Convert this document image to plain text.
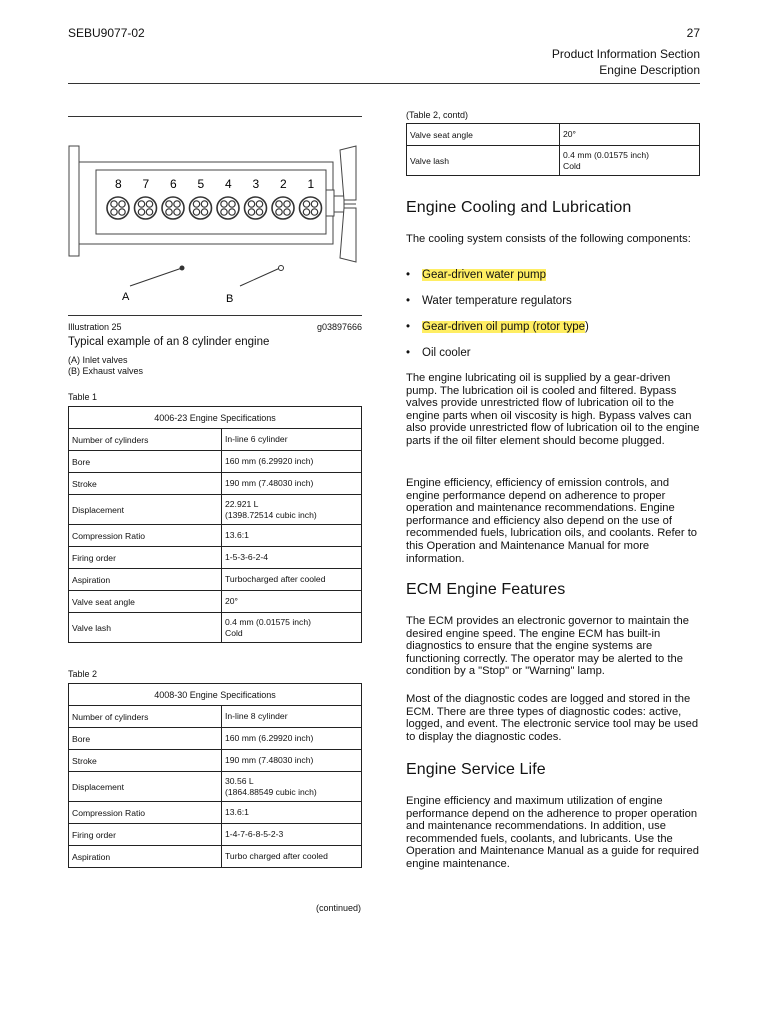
SEBU9077-02	27
Product Information Section
Engine Description
8 7 6 5 4 3 2 1
A	B
Illustration 25	g03897666
Typical example of an 8 cylinder engine
(A) Inlet valves
(B) Exhaust valves
Table 1
4006-23 Engine Specifications	
Number of cylinders	In-line 6 cylinder
Bore	160 mm (6.29920 inch)
Stroke	190 mm (7.48030 inch)
Displacement	22.921 L
(1398.72514 cubic inch)
Compression Ratio	13.6:1
Firing order	1-5-3-6-2-4
Aspiration	Turbocharged after cooled
Valve seat angle	20°
Valve lash	0.4 mm (0.01575 inch)
Cold
Table 2
4008-30 Engine Specifications	
Number of cylinders	In-line 8 cylinder
Bore	160 mm (6.29920 inch)
Stroke	190 mm (7.48030 inch)
Displacement	30.56 L
(1864.88549 cubic inch)
Compression Ratio	13.6:1
Firing order	1-4-7-6-8-5-2-3
Aspiration	Turbo charged after cooled
(continued)
(Table 2, contd)
Valve seat angle	20°
Valve lash	0.4 mm (0.01575 inch)
Cold
Engine Cooling and Lubrication
The cooling system consists of the following components:
• Gear-driven water pump
• Water temperature regulators
• Gear-driven oil pump (rotor type)
• Oil cooler
The engine lubricating oil is supplied by a gear-driven pump. The lubrication oil is cooled and filtered. Bypass valves provide unrestricted flow of lubrication oil to the engine parts when oil viscosity is high. Bypass valves can also provide unrestricted flow of lubrication oil to the engine parts if the oil filter element should become plugged.
Engine efficiency, efficiency of emission controls, and engine performance depend on adherence to proper operation and maintenance recommendations. Engine performance and efficiency also depend on the use of recommended fuels, lubrication oils, and coolants. Refer to this Operation and Maintenance Manual for more information.
ECM Engine Features
The ECM provides an electronic governor to maintain the desired engine speed. The engine ECM has built-in diagnostics to ensure that the engine systems are functioning correctly. The operator may be alerted to the condition by a "Stop" or "Warning" lamp.
Most of the diagnostic codes are logged and stored in the ECM. There are three types of diagnostic codes: active, logged, and event. The electronic service tool may be used to display the diagnostic codes.
Engine Service Life
Engine efficiency and maximum utilization of engine performance depend on the adherence to proper operation and maintenance recommendations. In addition, use recommended fuels, coolants, and lubricants. Use the Operation and Maintenance Manual as a guide for required engine maintenance.
